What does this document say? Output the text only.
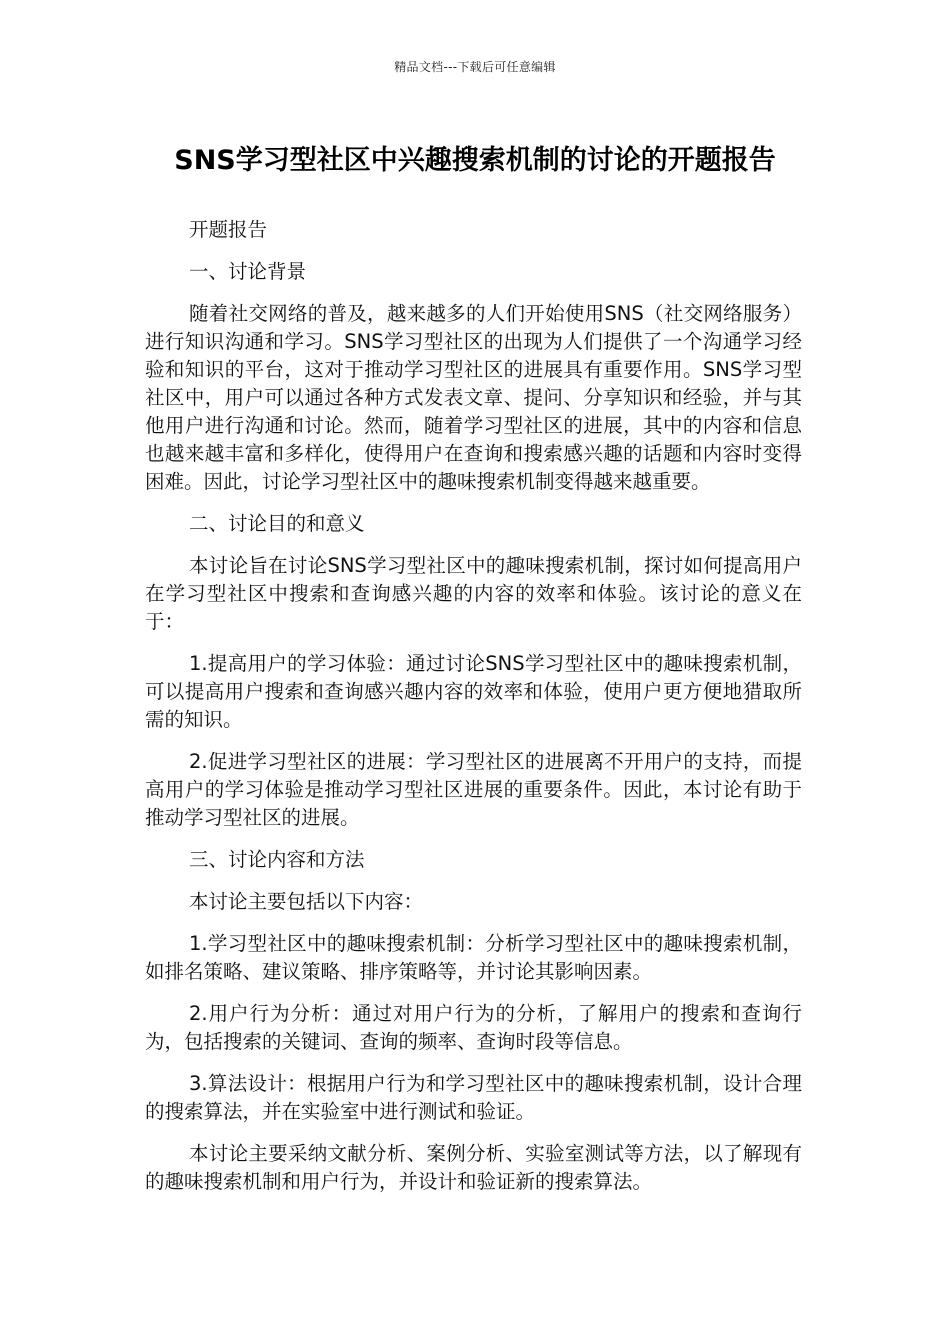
精品文档---下载后可任意编辑
SNS学习型社区中兴趣搜索机制的讨论的开题报告

开题报告

一、讨论背景

随着社交网络的普及，越来越多的人们开始使用SNS（社交网络服务）进行知识沟通和学习。SNS学习型社区的出现为人们提供了一个沟通学习经验和知识的平台，这对于推动学习型社区的进展具有重要作用。SNS学习型社区中，用户可以通过各种方式发表文章、提问、分享知识和经验，并与其他用户进行沟通和讨论。然而，随着学习型社区的进展，其中的内容和信息也越来越丰富和多样化，使得用户在查询和搜索感兴趣的话题和内容时变得困难。因此，讨论学习型社区中的趣味搜索机制变得越来越重要。

二、讨论目的和意义

本讨论旨在讨论SNS学习型社区中的趣味搜索机制，探讨如何提高用户在学习型社区中搜索和查询感兴趣的内容的效率和体验。该讨论的意义在于：

1.提高用户的学习体验：通过讨论SNS学习型社区中的趣味搜索机制，可以提高用户搜索和查询感兴趣内容的效率和体验，使用户更方便地猎取所需的知识。

2.促进学习型社区的进展：学习型社区的进展离不开用户的支持，而提高用户的学习体验是推动学习型社区进展的重要条件。因此，本讨论有助于推动学习型社区的进展。

三、讨论内容和方法

本讨论主要包括以下内容：

1.学习型社区中的趣味搜索机制：分析学习型社区中的趣味搜索机制，如排名策略、建议策略、排序策略等，并讨论其影响因素。

2.用户行为分析：通过对用户行为的分析，了解用户的搜索和查询行为，包括搜索的关键词、查询的频率、查询时段等信息。

3.算法设计：根据用户行为和学习型社区中的趣味搜索机制，设计合理的搜索算法，并在实验室中进行测试和验证。

本讨论主要采纳文献分析、案例分析、实验室测试等方法，以了解现有的趣味搜索机制和用户行为，并设计和验证新的搜索算法。
